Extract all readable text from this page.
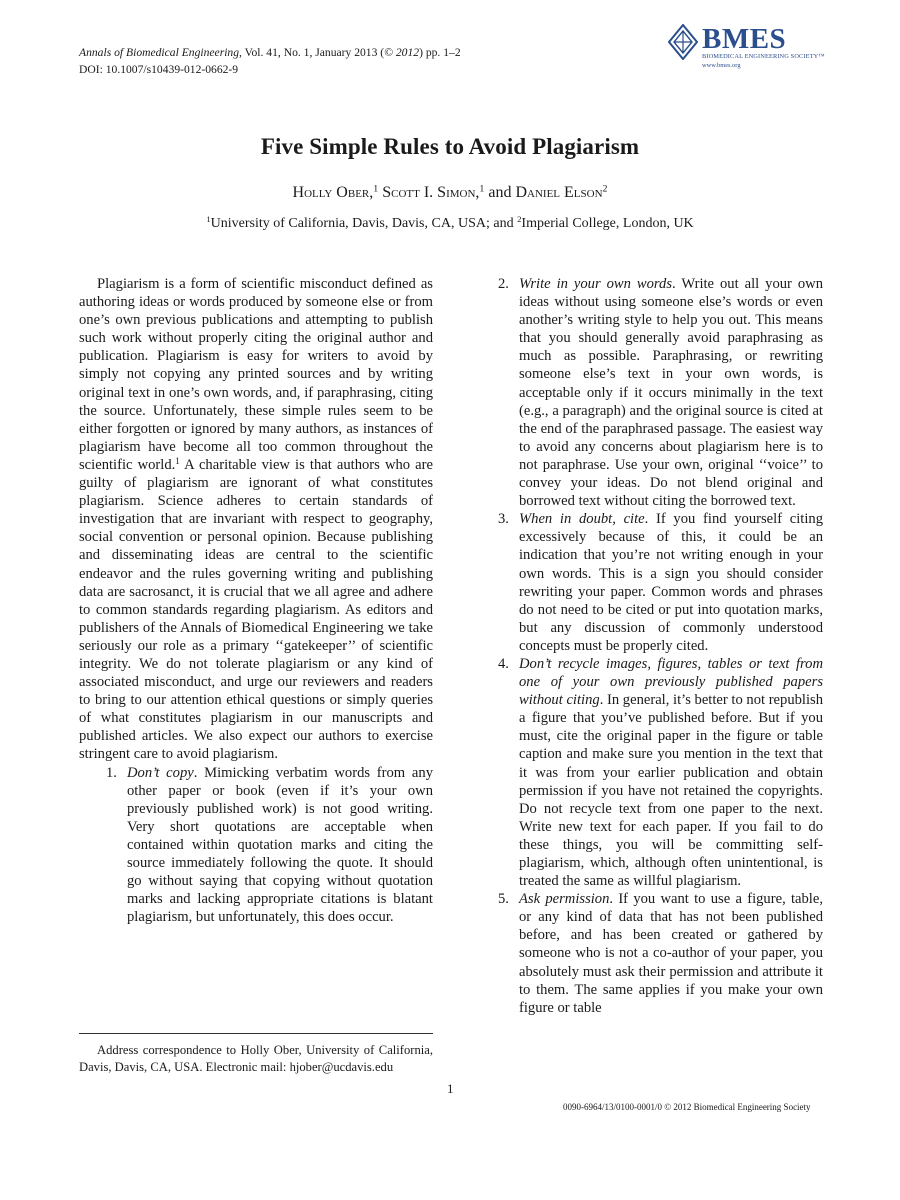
Annals of Biomedical Engineering, Vol. 41, No. 1, January 2013 (© 2012) pp. 1–2
DOI: 10.1007/s10439-012-0662-9
BMES
BIOMEDICAL ENGINEERING SOCIETY™
www.bmes.org
Five Simple Rules to Avoid Plagiarism
Holly Ober,$^1$ Scott I. Simon,$^1$ and Daniel Elson$^2$
$^1$University of California, Davis, Davis, CA, USA; and $^2$Imperial College, London, UK

Plagiarism is a form of scientific misconduct defined as authoring ideas or words produced by someone else or from one’s own previous publications and attempting to publish such work without properly citing the original author and publication. Plagiarism is easy for writers to avoid by simply not copying any printed sources and by writing original text in one’s own words, and, if paraphrasing, citing the source. Unfortunately, these simple rules seem to be either forgotten or ignored by many authors, as instances of plagiarism have become all too common throughout the scientific world.$^1$ A charitable view is that authors who are guilty of plagiarism are ignorant of what constitutes plagiarism. Science adheres to certain standards of investigation that are invariant with respect to geography, social convention or personal opinion. Because publishing and disseminating ideas are central to the scientific endeavor and the rules governing writing and publishing data are sacrosanct, it is crucial that we all agree and adhere to common standards regarding plagiarism. As editors and publishers of the Annals of Biomedical Engineering we take seriously our role as a primary ‘‘gatekeeper’’ of scientific integrity. We do not tolerate plagiarism or any kind of associated misconduct, and urge our reviewers and readers to bring to our attention ethical questions or simply queries of what constitutes plagiarism in our manuscripts and published articles. We also expect our authors to exercise stringent care to avoid plagiarism.

1. Don’t copy. Mimicking verbatim words from any other paper or book (even if it’s your own previously published work) is not good writing. Very short quotations are acceptable when contained within quotation marks and citing the source immediately following the quote. It should go without saying that copying without quotation marks and lacking appropriate citations is blatant plagiarism, but unfortunately, this does occur.
2. Write in your own words. Write out all your own ideas without using someone else’s words or even another’s writing style to help you out. This means that you should generally avoid paraphrasing as much as possible. Paraphrasing, or rewriting someone else’s text in your own words, is acceptable only if it occurs minimally in the text (e.g., a paragraph) and the original source is cited at the end of the paraphrased passage. The easiest way to avoid any concerns about plagiarism here is to not paraphrase. Use your own, original ‘‘voice’’ to convey your ideas. Do not blend original and borrowed text without citing the borrowed text.
3. When in doubt, cite. If you find yourself citing excessively because of this, it could be an indication that you’re not writing enough in your own words. This is a sign you should consider rewriting your paper. Common words and phrases do not need to be cited or put into quotation marks, but any discussion of commonly understood concepts must be properly cited.
4. Don’t recycle images, figures, tables or text from one of your own previously published papers without citing. In general, it’s better to not republish a figure that you’ve published before. But if you must, cite the original paper in the figure or table caption and make sure you mention in the text that it was from your earlier publication and obtain permission if you have not retained the copyrights. Do not recycle text from one paper to the next. Write new text for each paper. If you fail to do these things, you will be committing self-plagiarism, which, although often unintentional, is treated the same as willful plagiarism.
5. Ask permission. If you want to use a figure, table, or any kind of data that has not been published before, and has been created or gathered by someone who is not a co-author of your paper, you absolutely must ask their permission and attribute it to them. The same applies if you make your own figure or table
Address correspondence to Holly Ober, University of California, Davis, Davis, CA, USA. Electronic mail: hjober@ucdavis.edu
1
0090-6964/13/0100-0001/0 © 2012 Biomedical Engineering Society
